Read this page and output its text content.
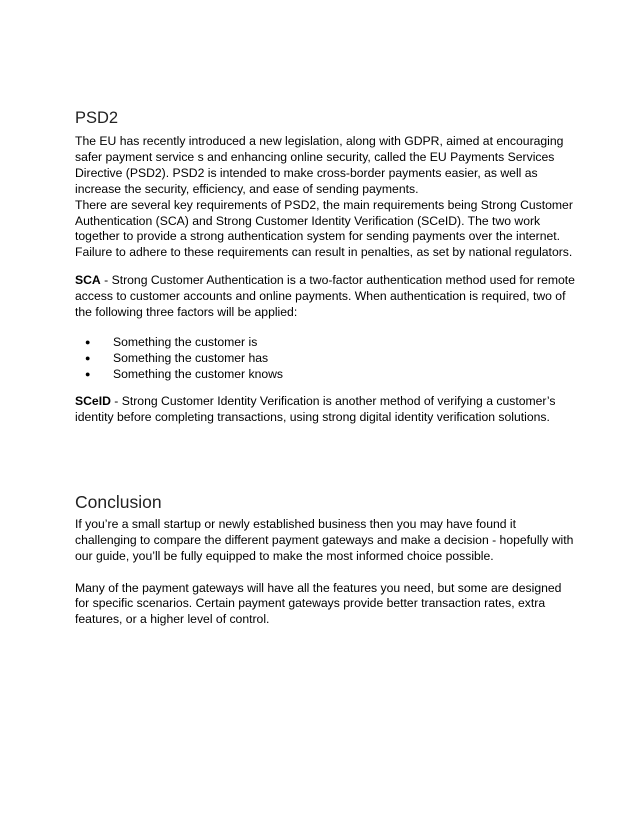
PSD2

The EU has recently introduced a new legislation, along with GDPR, aimed at encouraging safer payment service s and enhancing online security, called the EU Payments Services Directive (PSD2). PSD2 is intended to make cross-border payments easier, as well as increase the security, efficiency, and ease of sending payments.

There are several key requirements of PSD2, the main requirements being Strong Customer Authentication (SCA) and Strong Customer Identity Verification (SCeID). The two work together to provide a strong authentication system for sending payments over the internet. Failure to adhere to these requirements can result in penalties, as set by national regulators.

SCA - Strong Customer Authentication is a two-factor authentication method used for remote access to customer accounts and online payments. When authentication is required, two of the following three factors will be applied:

●	Something the customer is
●	Something the customer has
●	Something the customer knows

SCeID - Strong Customer Identity Verification is another method of verifying a customer’s identity before completing transactions, using strong digital identity verification solutions.

Conclusion

If you’re a small startup or newly established business then you may have found it challenging to compare the different payment gateways and make a decision - hopefully with our guide, you’ll be fully equipped to make the most informed choice possible.

Many of the payment gateways will have all the features you need, but some are designed for specific scenarios. Certain payment gateways provide better transaction rates, extra features, or a higher level of control.
